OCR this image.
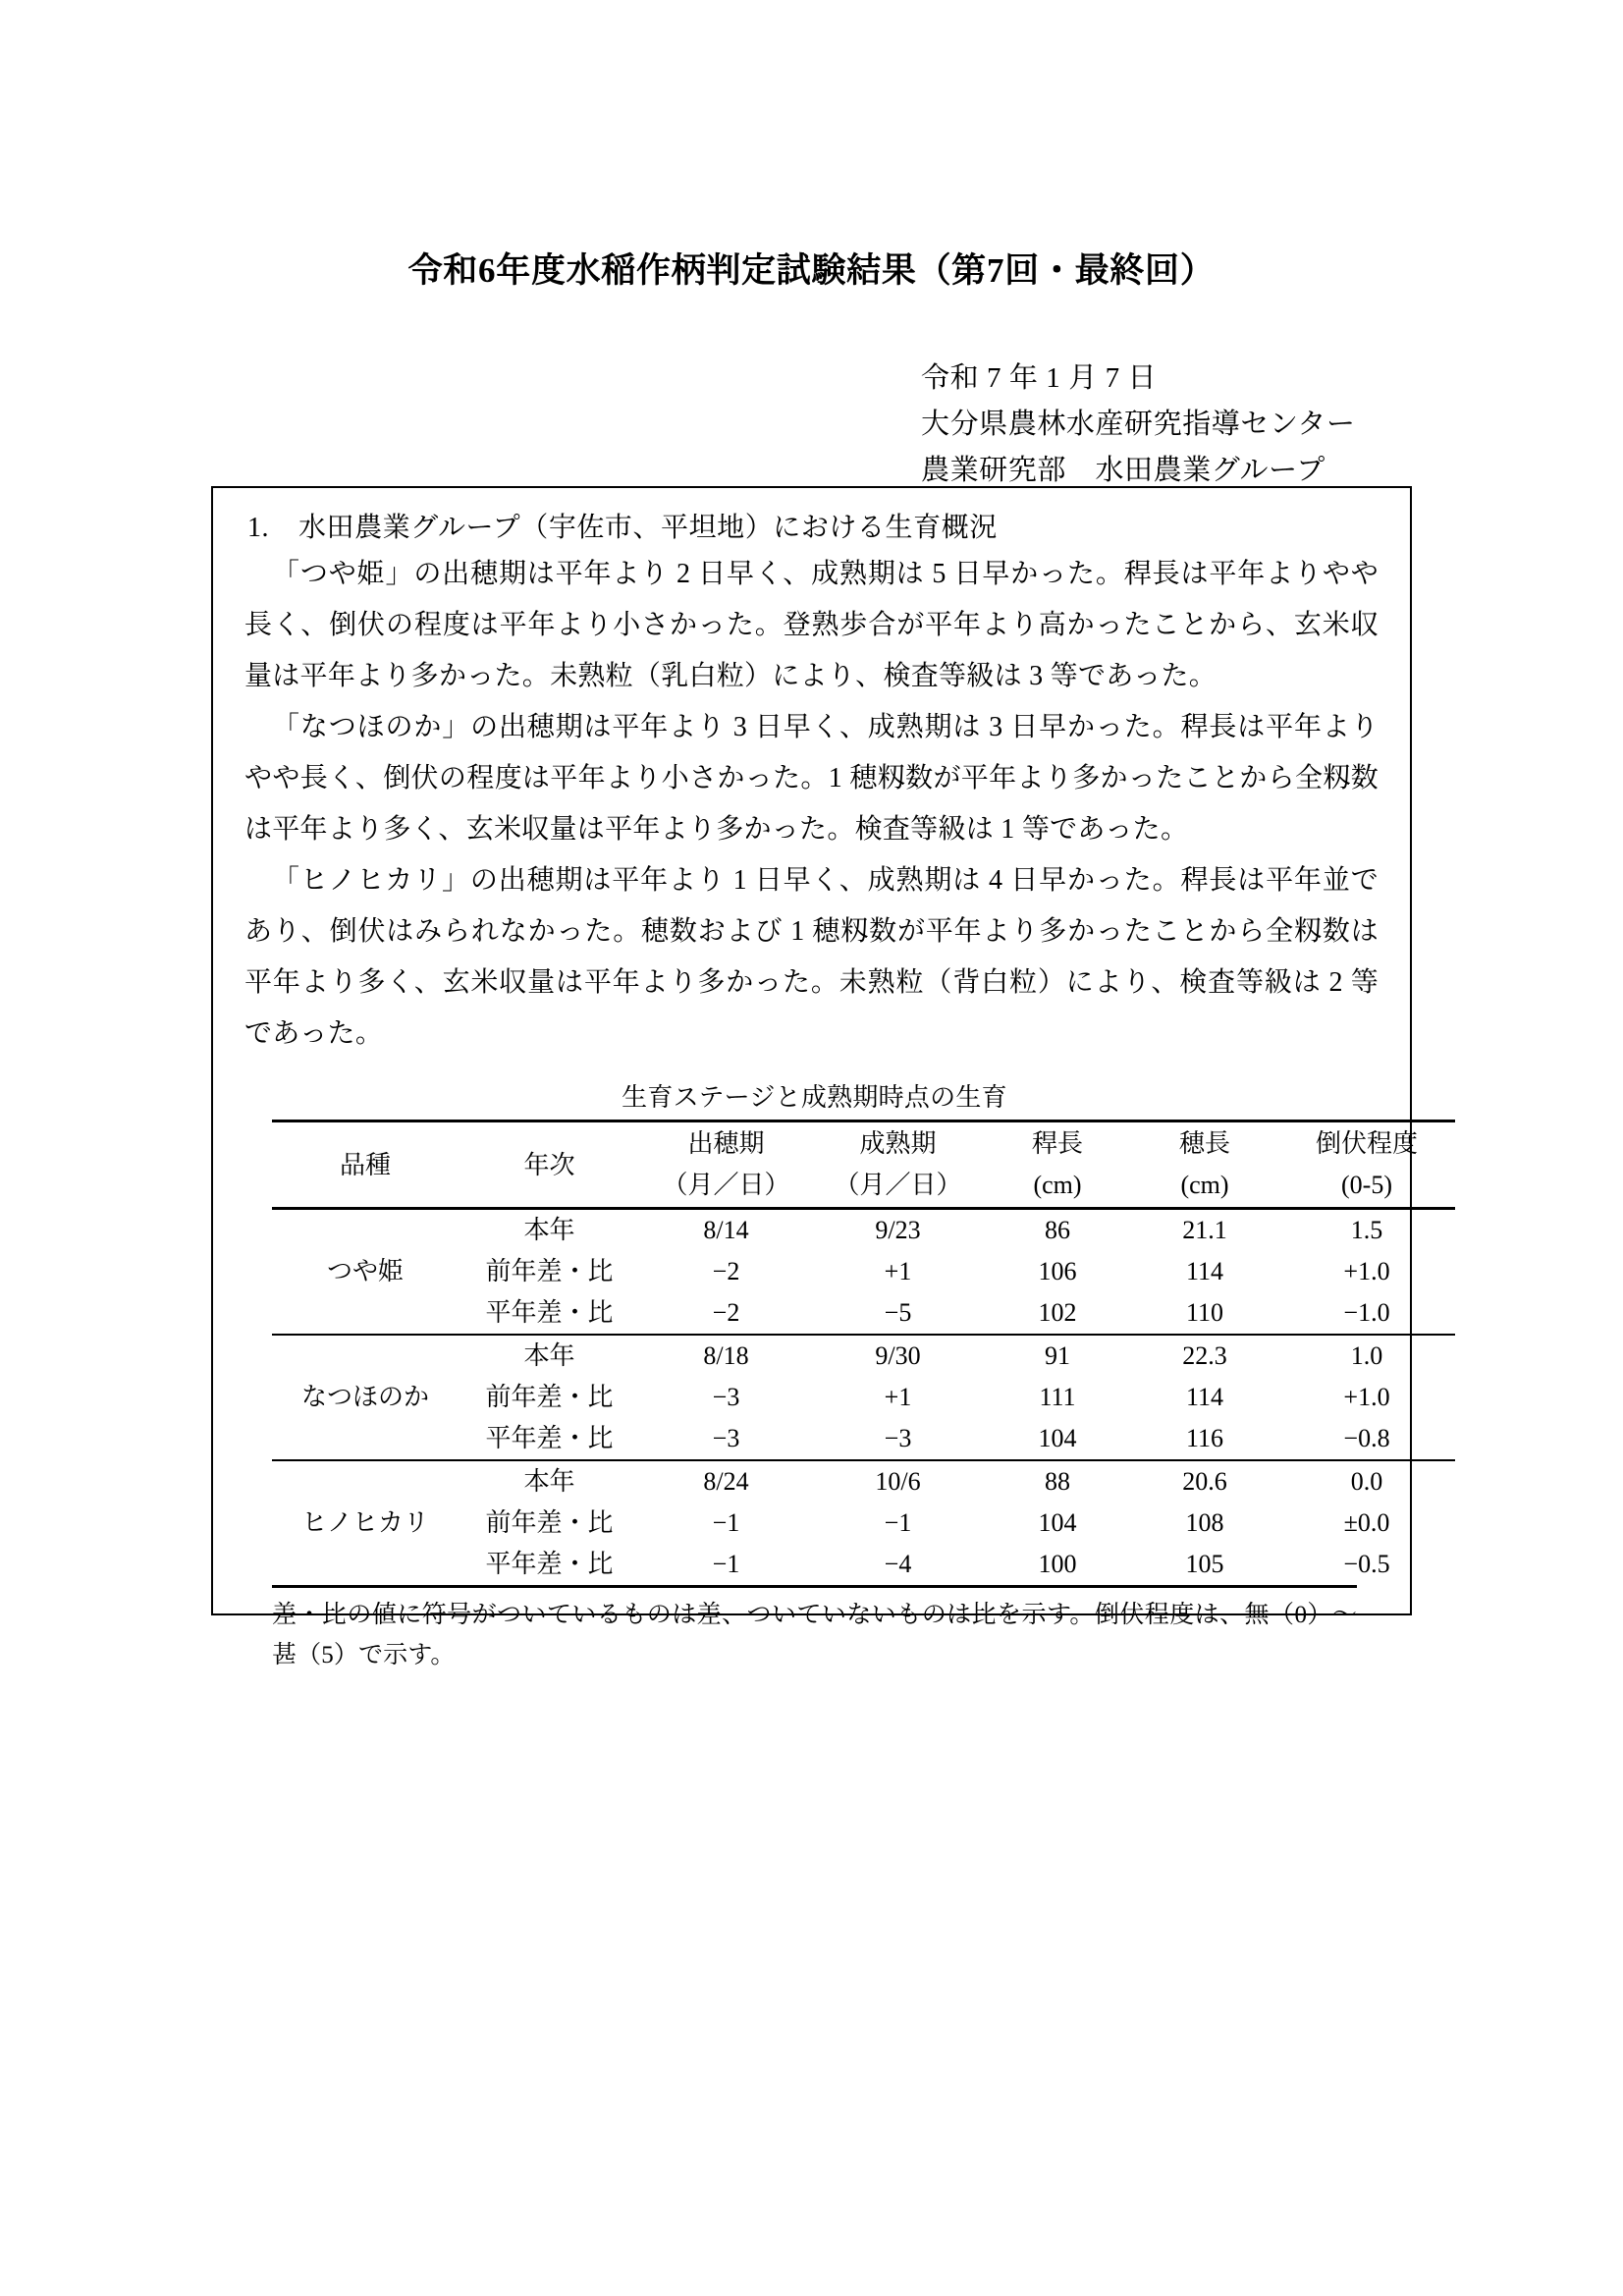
令和6年度水稲作柄判定試験結果（第7回・最終回）
令和 7 年 1 月 7 日
大分県農林水産研究指導センター
農業研究部　水田農業グループ
1. 水田農業グループ（宇佐市、平坦地）における生育概況

「つや姫」の出穂期は平年より 2 日早く、成熟期は 5 日早かった。稈長は平年よりやや長く、倒伏の程度は平年より小さかった。登熟歩合が平年より高かったことから、玄米収量は平年より多かった。未熟粒（乳白粒）により、検査等級は 3 等であった。

「なつほのか」の出穂期は平年より 3 日早く、成熟期は 3 日早かった。稈長は平年よりやや長く、倒伏の程度は平年より小さかった。1 穂籾数が平年より多かったことから全籾数は平年より多く、玄米収量は平年より多かった。検査等級は 1 等であった。

「ヒノヒカリ」の出穂期は平年より 1 日早く、成熟期は 4 日早かった。稈長は平年並であり、倒伏はみられなかった。穂数および 1 穂籾数が平年より多かったことから全籾数は平年より多く、玄米収量は平年より多かった。未熟粒（背白粒）により、検査等級は 2 等であった。

生育ステージと成熟期時点の生育
品種	年次	出穂期	成熟期	稈長	穂長	倒伏程度
		（月／日）	（月／日）	(cm)	(cm)	(0-5)
つや姫	本年	8/14	9/23	86	21.1	1.5
	前年差・比	−2	+1	106	114	+1.0
	平年差・比	−2	−5	102	110	−1.0
なつほのか	本年	8/18	9/30	91	22.3	1.0
	前年差・比	−3	+1	111	114	+1.0
	平年差・比	−3	−3	104	116	−0.8
ヒノヒカリ	本年	8/24	10/6	88	20.6	0.0
	前年差・比	−1	−1	104	108	±0.0
	平年差・比	−1	−4	100	105	−0.5

差・比の値に符号がついているものは差、ついていないものは比を示す。倒伏程度は、無（0）〜甚（5）で示す。
